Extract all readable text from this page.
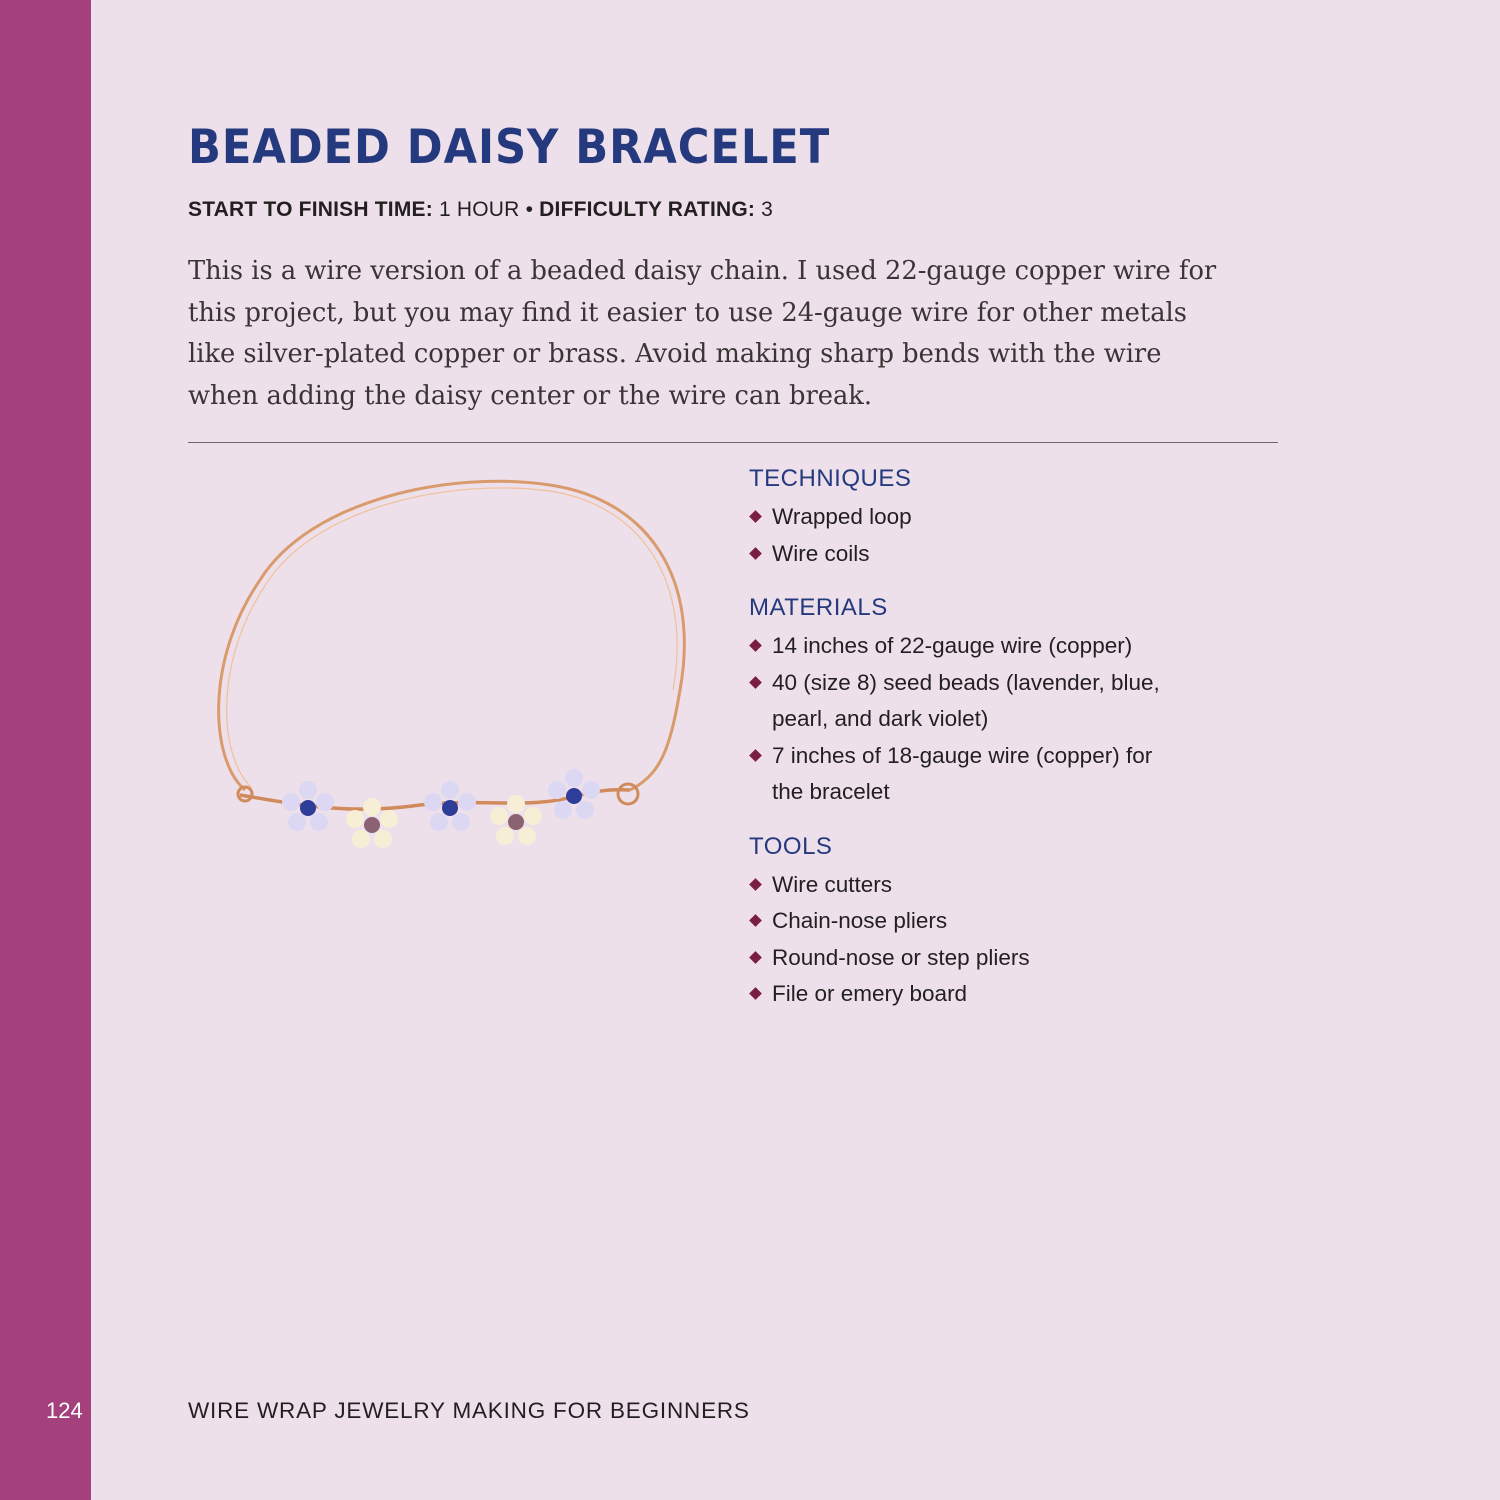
BEADED DAISY BRACELET
START TO FINISH TIME: 1 HOUR • DIFFICULTY RATING: 3

This is a wire version of a beaded daisy chain. I used 22-gauge copper wire for this project, but you may find it easier to use 24-gauge wire for other metals like silver-plated copper or brass. Avoid making sharp bends with the wire when adding the daisy center or the wire can break.

TECHNIQUES
Wrapped loop
Wire coils
MATERIALS
14 inches of 22-gauge wire (copper)
40 (size 8) seed beads (lavender, blue, pearl, and dark violet)
7 inches of 18-gauge wire (copper) for the bracelet
TOOLS
Wire cutters
Chain-nose pliers
Round-nose or step pliers
File or emery board
124	WIRE WRAP JEWELRY MAKING FOR BEGINNERS
